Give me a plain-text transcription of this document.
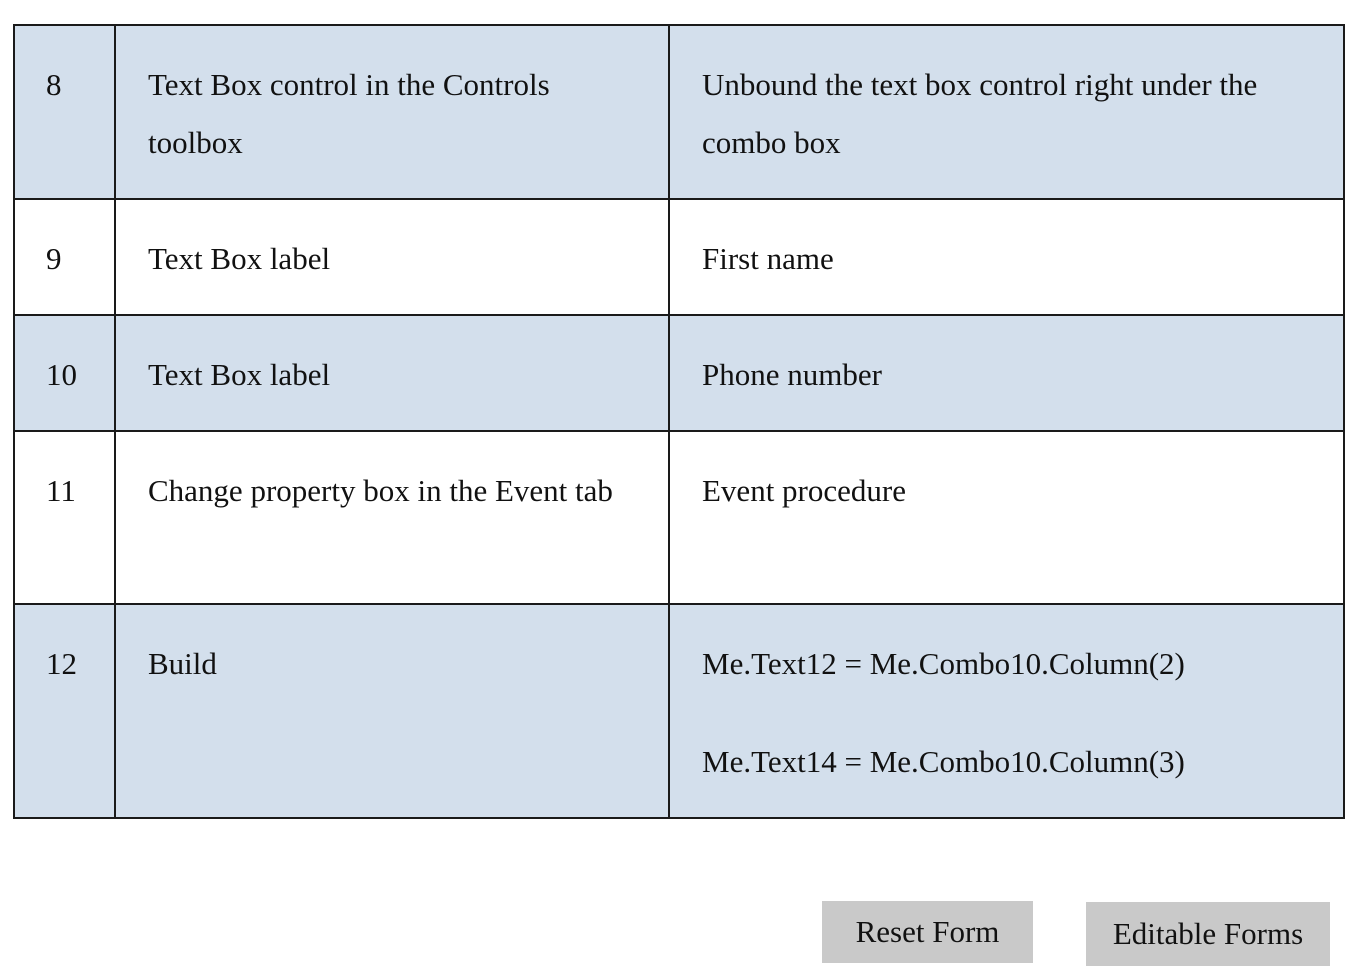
8	Text Box control in the Controls toolbox	Unbound the text box control right under the combo box

9	Text Box label	First name

10	Text Box label	Phone number

11	Change property box in the Event tab	Event procedure

12	Build	Me.Text12 = Me.Combo10.Column(2)
Me.Text14 = Me.Combo10.Column(3)
Reset Form	Editable Forms
